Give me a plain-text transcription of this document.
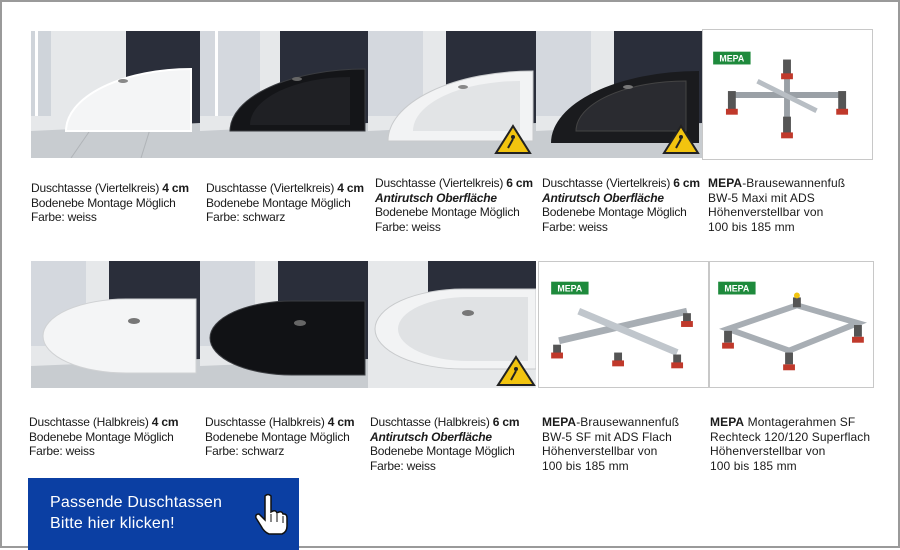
MEPA
Duschtasse (Viertelkreis) 4 cm
Bodenebe Montage Möglich
Farbe: weiss
Duschtasse (Viertelkreis) 4 cm
Bodenebe Montage Möglich
Farbe: schwarz
Duschtasse (Viertelkreis) 6 cm
Antirutsch Oberfläche
Bodenebe Montage Möglich
Farbe: weiss
Duschtasse (Viertelkreis) 6 cm
Antirutsch Oberfläche
Bodenebe Montage Möglich
Farbe: weiss
MEPA-Brausewannenfuß
BW-5 Maxi mit ADS
Höhenverstellbar von
100 bis 185 mm
MEPA	MEPA
Duschtasse (Halbkreis) 4 cm
Bodenebe Montage Möglich
Farbe: weiss
Duschtasse (Halbkreis) 4 cm
Bodenebe Montage Möglich
Farbe: schwarz
Duschtasse (Halbkreis) 6 cm
Antirutsch Oberfläche
Bodenebe Montage Möglich
Farbe: weiss
MEPA-Brausewannenfuß
BW-5 SF mit ADS Flach
Höhenverstellbar von
100 bis 185 mm
MEPA Montagerahmen SF
Rechteck 120/120 Superflach
Höhenverstellbar von
100 bis 185 mm
Passende Duschtassen
Bitte hier klicken!
